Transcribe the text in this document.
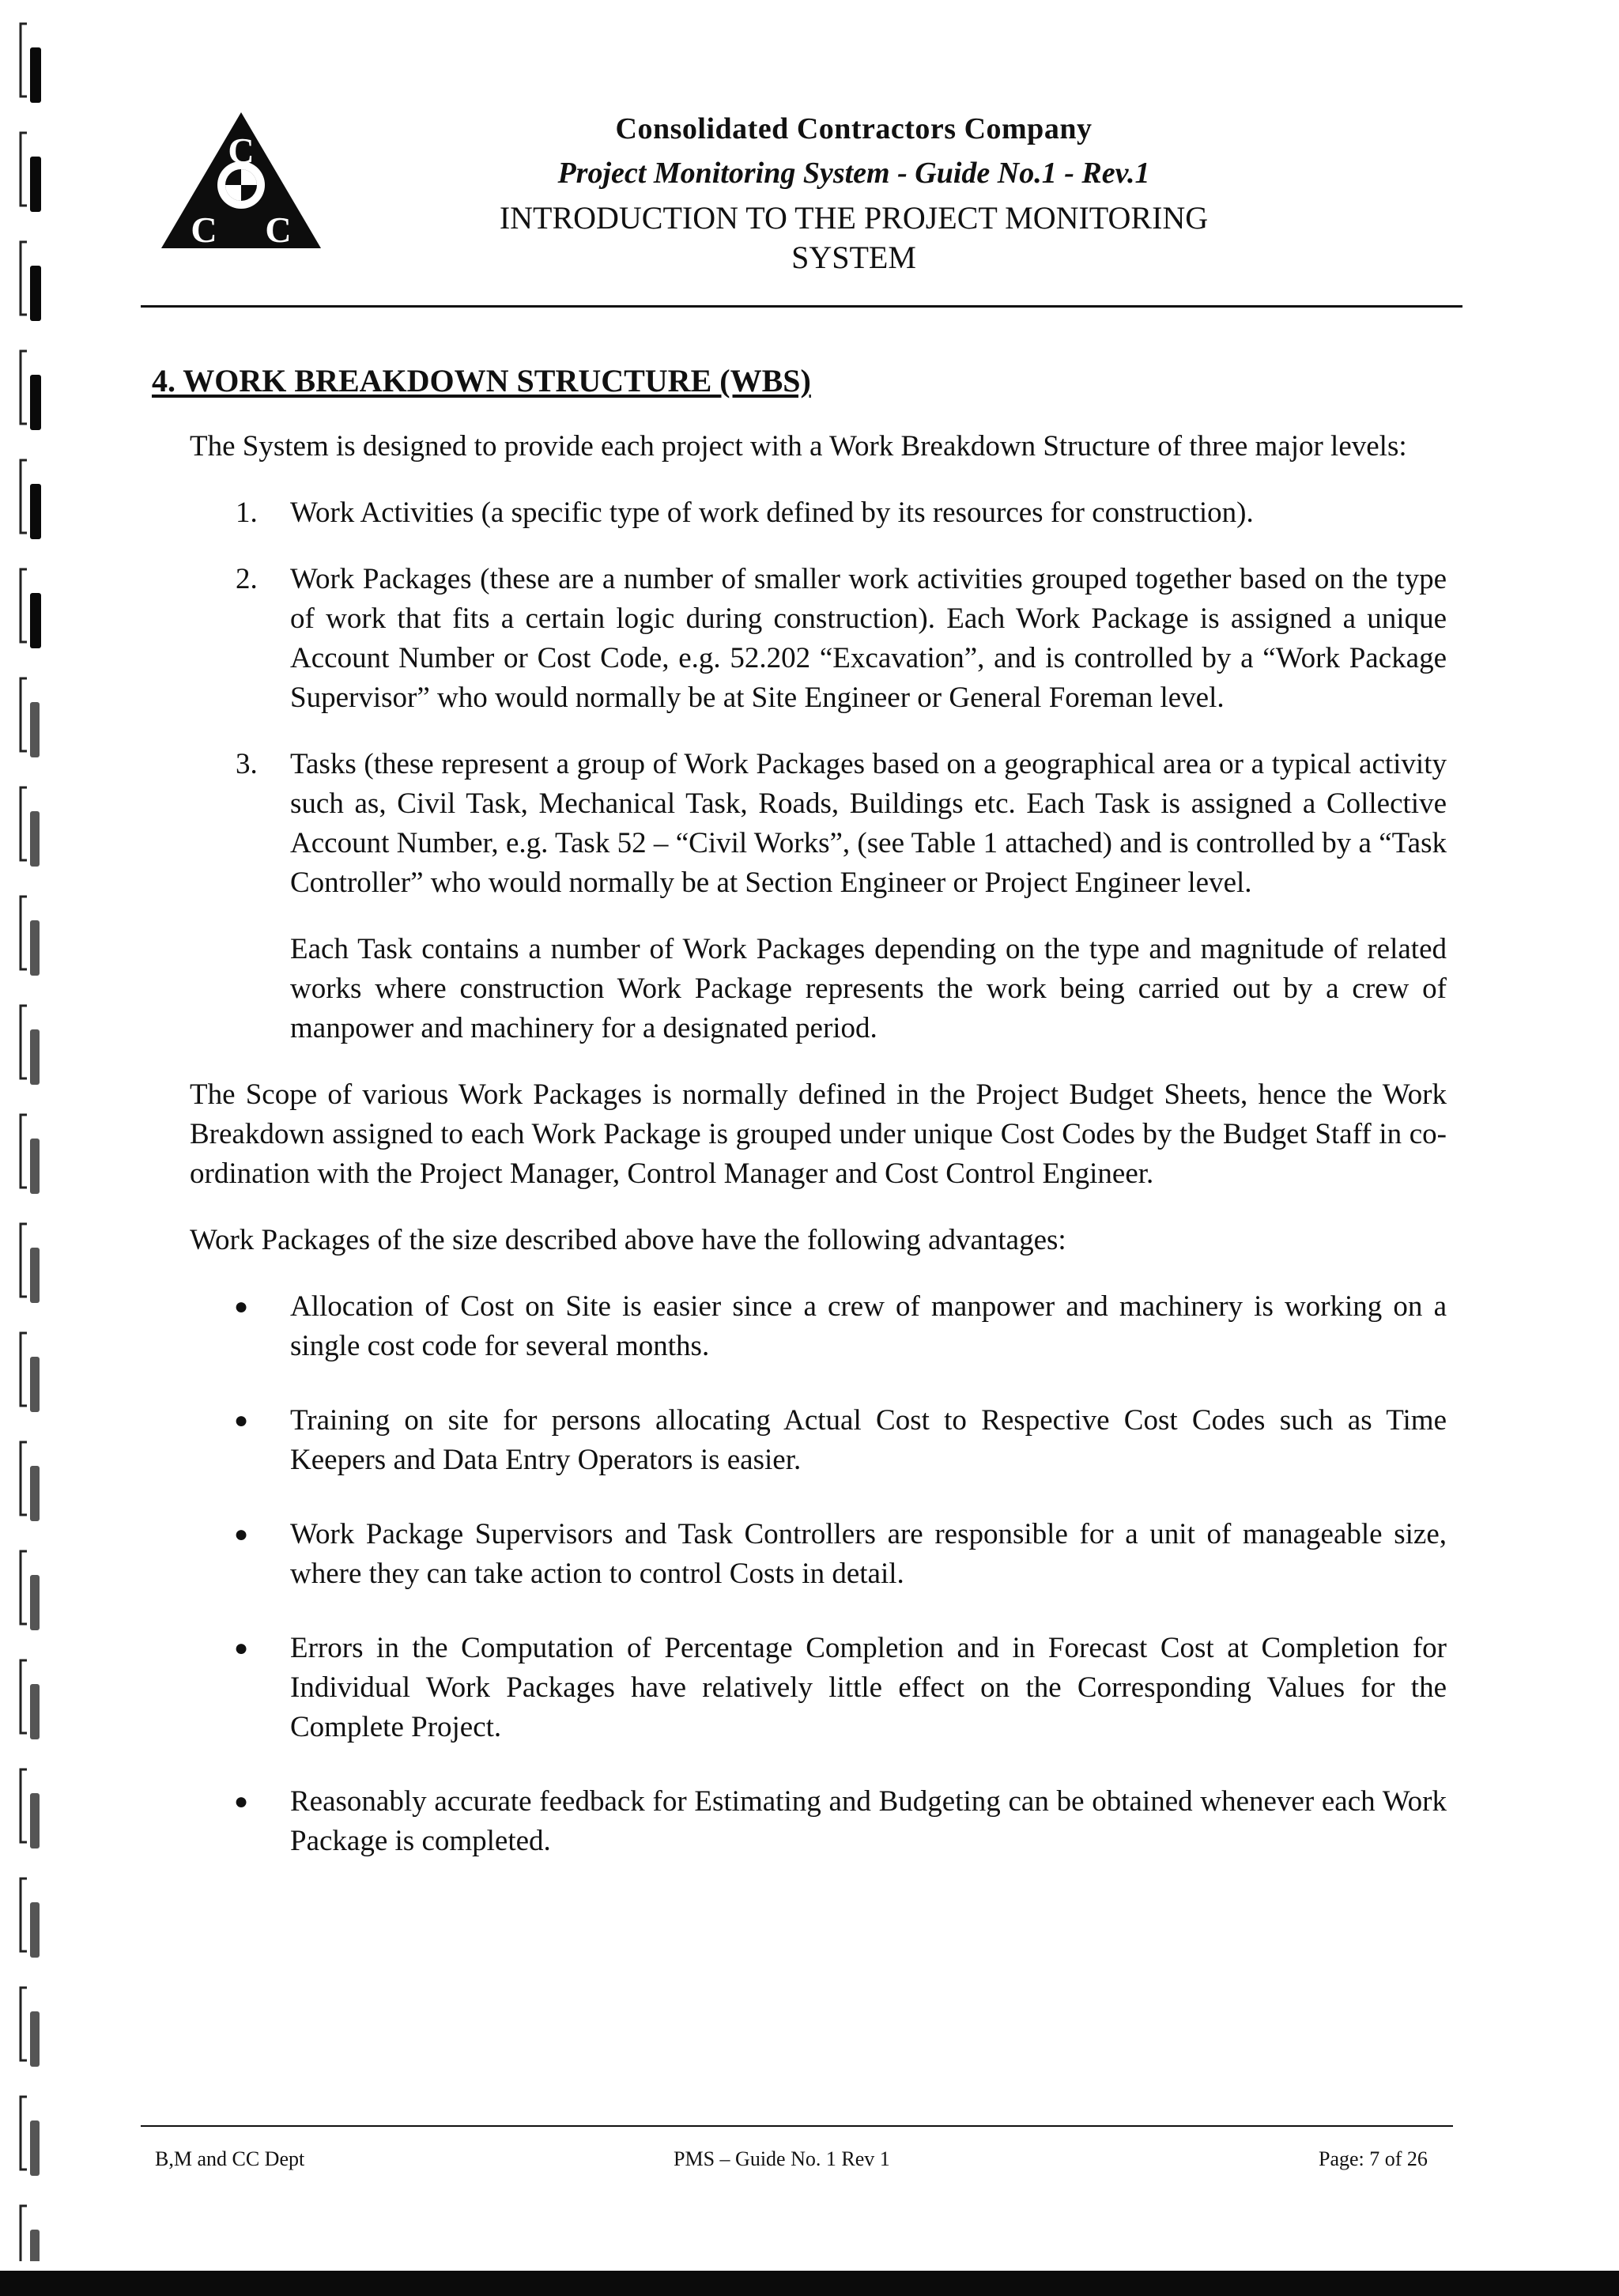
C
C C
Consolidated Contractors Company
Project Monitoring System - Guide No.1 - Rev.1
INTRODUCTION TO THE PROJECT MONITORING
SYSTEM
4. WORK BREAKDOWN STRUCTURE (WBS)

The System is designed to provide each project with a Work Breakdown Structure of three major levels:

1. Work Activities (a specific type of work defined by its resources for construction).
2. Work Packages (these are a number of smaller work activities grouped together based on the type of work that fits a certain logic during construction). Each Work Package is assigned a unique Account Number or Cost Code, e.g. 52.202 “Excavation”, and is controlled by a “Work Package Supervisor” who would normally be at Site Engineer or General Foreman level.
3. Tasks (these represent a group of Work Packages based on a geographical area or a typical activity such as, Civil Task, Mechanical Task, Roads, Buildings etc. Each Task is assigned a Collective Account Number, e.g. Task 52 – “Civil Works”, (see Table 1 attached) and is controlled by a “Task Controller” who would normally be at Section Engineer or Project Engineer level.

Each Task contains a number of Work Packages depending on the type and magnitude of related works where construction Work Package represents the work being carried out by a crew of manpower and machinery for a designated period.

The Scope of various Work Packages is normally defined in the Project Budget Sheets, hence the Work Breakdown assigned to each Work Package is grouped under unique Cost Codes by the Budget Staff in co-ordination with the Project Manager, Control Manager and Cost Control Engineer.

Work Packages of the size described above have the following advantages:

● Allocation of Cost on Site is easier since a crew of manpower and machinery is working on a single cost code for several months.
● Training on site for persons allocating Actual Cost to Respective Cost Codes such as Time Keepers and Data Entry Operators is easier.
● Work Package Supervisors and Task Controllers are responsible for a unit of manageable size, where they can take action to control Costs in detail.
● Errors in the Computation of Percentage Completion and in Forecast Cost at Completion for Individual Work Packages have relatively little effect on the Corresponding Values for the Complete Project.
● Reasonably accurate feedback for Estimating and Budgeting can be obtained whenever each Work Package is completed.
B,M and CC Dept	PMS – Guide No. 1 Rev 1	Page: 7 of 26
